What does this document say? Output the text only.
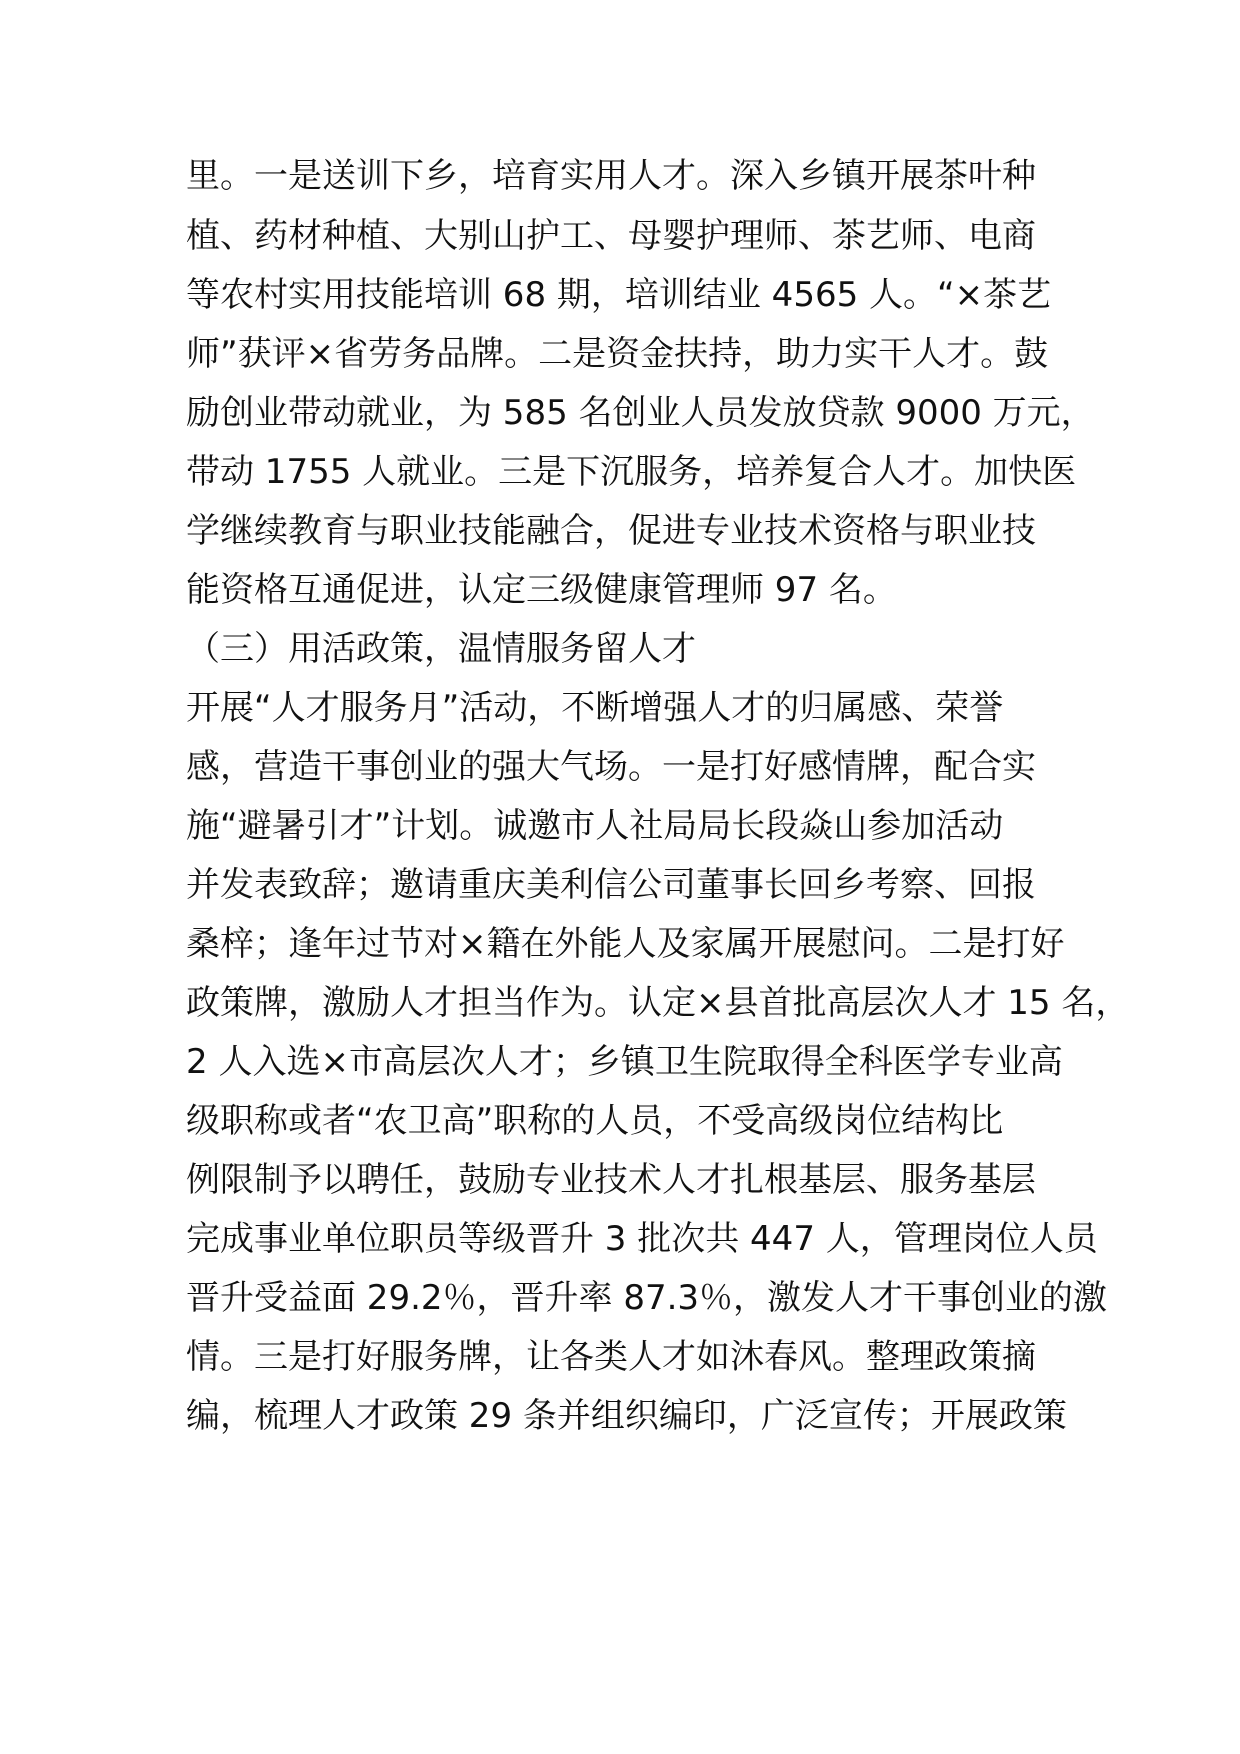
里。一是送训下乡，培育实用人才。深入乡镇开展茶叶种

植、药材种植、大别山护工、母婴护理师、茶艺师、电商

等农村实用技能培训 68 期，培训结业 4565 人。“×茶艺

师”获评×省劳务品牌。二是资金扶持，助力实干人才。鼓

励创业带动就业，为 585 名创业人员发放贷款 9000 万元，

带动 1755 人就业。三是下沉服务，培养复合人才。加快医

学继续教育与职业技能融合，促进专业技术资格与职业技

能资格互通促进，认定三级健康管理师 97 名。

（三）用活政策，温情服务留人才

开展“人才服务月”活动，不断增强人才的归属感、荣誉

感，营造干事创业的强大气场。一是打好感情牌，配合实

施“避暑引才”计划。诚邀市人社局局长段焱山参加活动

并发表致辞；邀请重庆美利信公司董事长回乡考察、回报

桑梓；逢年过节对×籍在外能人及家属开展慰问。二是打好

政策牌，激励人才担当作为。认定×县首批高层次人才 15 名，

2 人入选×市高层次人才；乡镇卫生院取得全科医学专业高

级职称或者“农卫高”职称的人员，不受高级岗位结构比

例限制予以聘任，鼓励专业技术人才扎根基层、服务基层

完成事业单位职员等级晋升 3 批次共 447 人，管理岗位人员

晋升受益面 29.2％，晋升率 87.3％，激发人才干事创业的激

情。三是打好服务牌，让各类人才如沐春风。整理政策摘

编，梳理人才政策 29 条并组织编印，广泛宣传；开展政策
